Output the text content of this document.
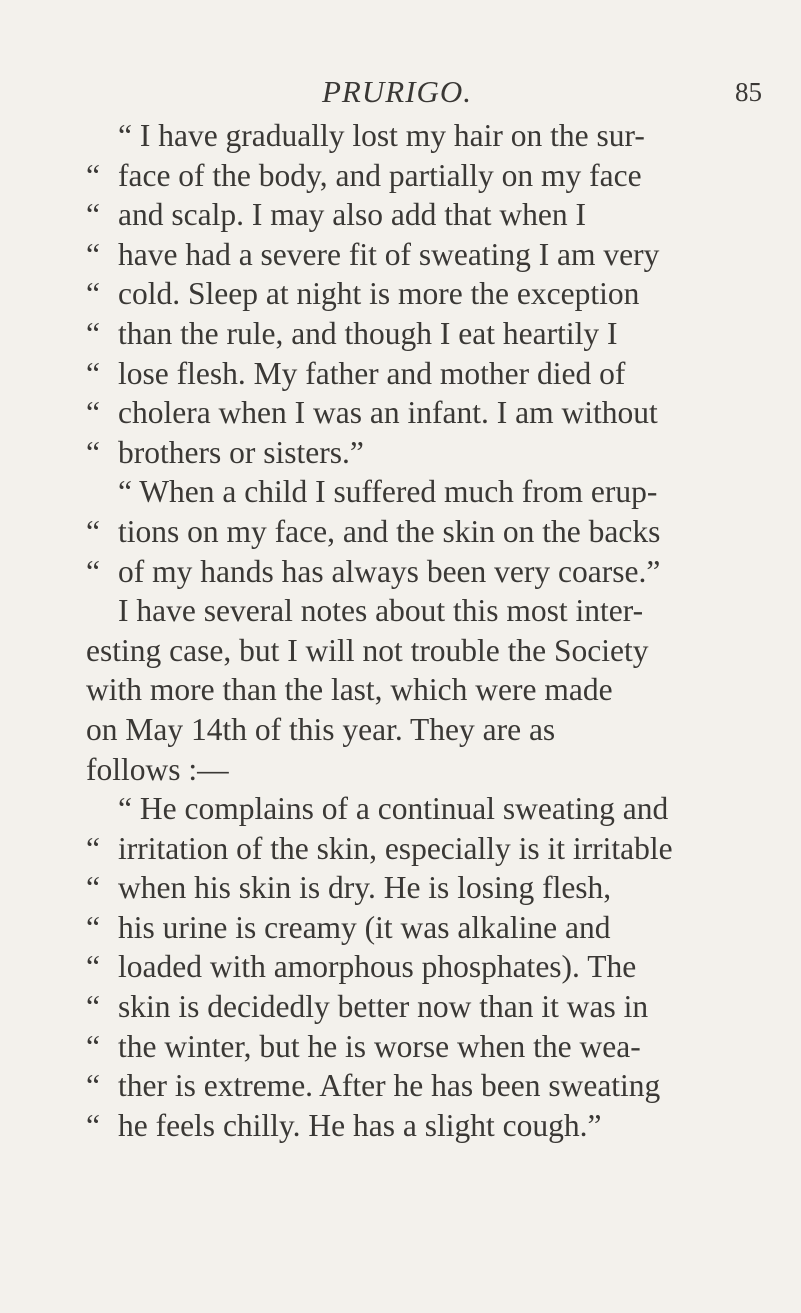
PRURIGO.	85
“ I have gradually lost my hair on the sur-
“ face of the body, and partially on my face
“ and scalp. I may also add that when I
“ have had a severe fit of sweating I am very
“ cold. Sleep at night is more the exception
“ than the rule, and though I eat heartily I
“ lose flesh. My father and mother died of
“ cholera when I was an infant. I am without
“ brothers or sisters.”
“ When a child I suffered much from erup-
“ tions on my face, and the skin on the backs
“ of my hands has always been very coarse.”
I have several notes about this most inter-
esting case, but I will not trouble the Society
with more than the last, which were made
on May 14th of this year. They are as
follows :—
“ He complains of a continual sweating and
“ irritation of the skin, especially is it irritable
“ when his skin is dry. He is losing flesh,
“ his urine is creamy (it was alkaline and
“ loaded with amorphous phosphates). The
“ skin is decidedly better now than it was in
“ the winter, but he is worse when the wea-
“ ther is extreme. After he has been sweating
“ he feels chilly. He has a slight cough.”
